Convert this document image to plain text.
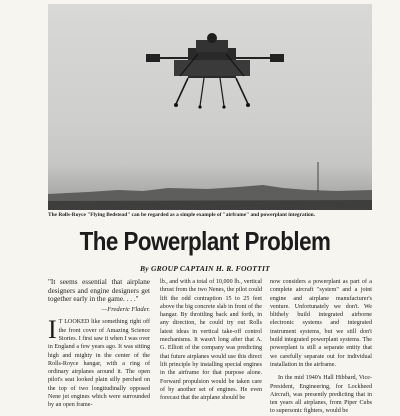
The Rolls-Royce "Flying Bedstead" can be regarded as a simple example of "airframe" and powerplant integration.
The Powerplant Problem
By GROUP CAPTAIN H. R. FOOTTIT

"It seems essential that airplane designers and engine designers get together early in the game. . . ."

—Frederic Flader.

I T LOOKED like something right off the front cover of Amazing Science Stories. I first saw it when I was over in England a few years ago. It was sitting high and mighty in the center of the Rolls-Royce hangar, with a ring of ordinary airplanes around it. The open pilot's seat looked plain silly perched on the top of two longitudinally opposed Nene jet engines which were surrounded by an open frame-

lb., and with a total of 10,000 lb., vertical thrust from the two Nenes, the pilot could lift the odd contraption 15 to 25 feet above the big concrete slab in front of the hangar. By throttling back and forth, in any direction, he could try out Rolls latest ideas in vertical take-off control mechanisms. It wasn't long after that A. G. Elliott of the company was predicting that future airplanes would use this direct lift principle by installing special engines in the airframe for that purpose alone. Forward propulsion would be taken care of by another set of engines. He even forecast that the airplane should be

now considers a powerplant as part of a complete aircraft "system" and a joint engine and airplane manufacturer's venture. Unfortunately we don't. We blithely build integrated airborne electronic systems and integrated instrument systems, but we still don't build integrated powerplant systems. The powerplant is still a separate entity that we carefully separate out for individual installation in the airframe.

In the mid 1940's Hall Hibbard, Vice-President, Engineering, for Lockheed Aircraft, was presently predicting that in ten years all airplanes, from Piper Cubs to supersonic fighters, would be
